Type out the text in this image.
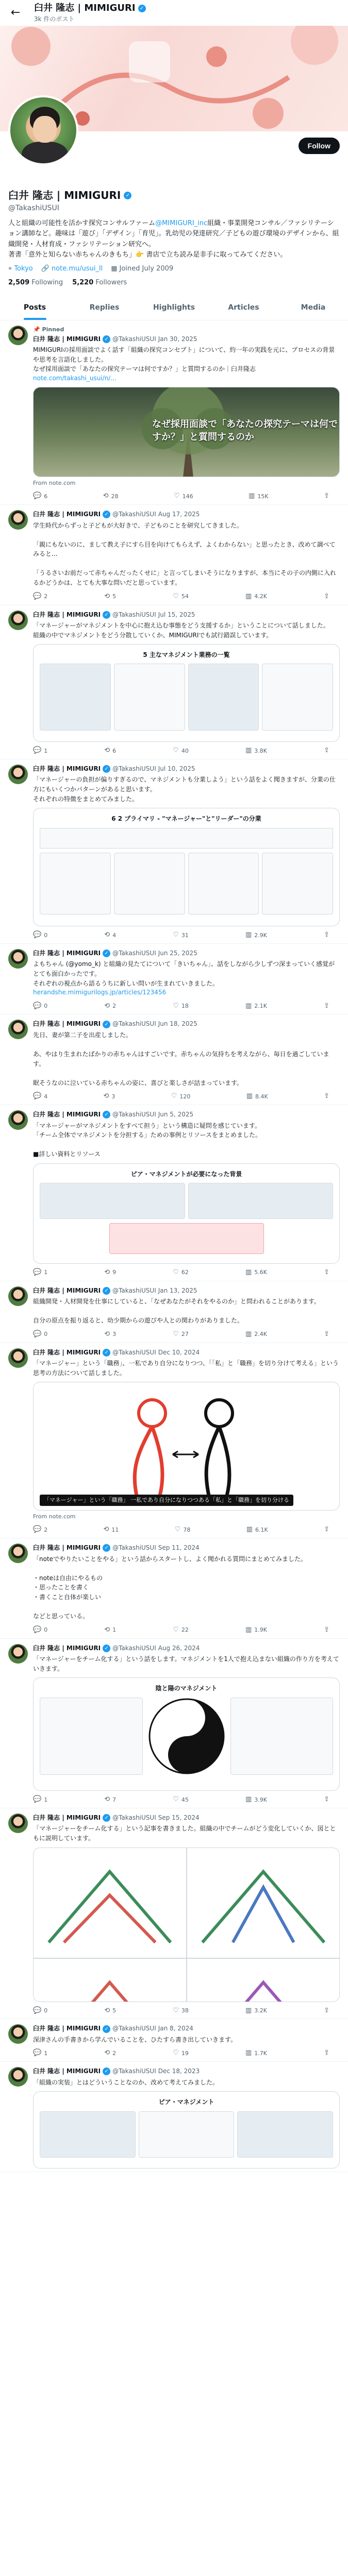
← 臼井 隆志 | MIMIGURI ✓
3k 件のポスト
Follow
臼井 隆志 | MIMIGURI ✓
@TakashiUSUI
人と組織の可能性を活かす探究コンサルファーム@MIMIGURI_inc組織・事業開発コンサル／ファシリテーション講師など。趣味は「遊び」「デザイン」「育児」。乳幼児の発達研究／子どもの遊び環境のデザインから、組織開発・人材育成・ファシリテーション研究へ。
著書「意外と知らない赤ちゃんのきもち」👉 書店で立ち読み是非手に取ってみてください。
⌖ Tokyo 🔗 note.mu/usui_ll ▦ Joined July 2009
2,509 Following 5,220 Followers
Posts	Replies	Highlights	Articles	Media
📌 Pinned
臼井 隆志 | MIMIGURI ✓ @TakashiUSUI Jan 30, 2025
MIMIGURIの採用面談でよく話す「組織の探究コンセプト」について、約一年の実践を元に、プロセスの背景や思考を言語化しました。
なぜ採用面談で「あなたの探究テーマは何ですか？」と質問するのか｜臼井隆志
note.com/takashi_usui/n/...
なぜ採用面談で「あなたの探究テーマは何ですか？」と質問するのか
From note.com
💬 6	⟲ 28	♡ 146	▥ 15K	⇪
臼井 隆志 | MIMIGURI ✓ @TakashiUSUI Aug 17, 2025
学生時代からずっと子どもが大好きで、子どものことを研究してきました。

「親にもないのに、まして教え子にすら目を向けてもらえず、よくわからない」と思ったとき、改めて調べてみると...

「うるさいお前だって赤ちゃんだったくせに」と言ってしまいそうになりますが、本当にその子の内側に入れるかどうかは、とても大事な問いだと思っています。
💬 2	⟲ 5	♡ 54	▥ 4.2K	⇪
臼井 隆志 | MIMIGURI ✓ @TakashiUSUI Jul 15, 2025
「マネージャーがマネジメントを中心に抱え込む事態をどう支援するか」ということについて話しました。
組織の中でマネジメントをどう分散していくか、MIMIGURIでも試行錯誤しています。
5 主なマネジメント業務の一覧
💬 1	⟲ 6	♡ 40	▥ 3.8K	⇪
臼井 隆志 | MIMIGURI ✓ @TakashiUSUI Jul 10, 2025
「マネージャーの負担が偏りすぎるので、マネジメントも分業しよう」という話をよく聞きますが、分業の仕方にもいくつかパターンがあると思います。
それぞれの特徴をまとめてみました。
6 2 プライマリ - "マネージャー"と"リーダー"の分業
💬 0	⟲ 4	♡ 31	▥ 2.9K	⇪
臼井 隆志 | MIMIGURI ✓ @TakashiUSUI Jun 25, 2025
よもちゃん (@yomo_k) と組織の見たてについて「きいちゃん」、話をしながら少しずつ深まっていく感覚がとても面白かったです。
それぞれの視点から語るうちに新しい問いが生まれていきました。
herandshe.mimigurilogs.jp/articles/123456
💬 0	⟲ 2	♡ 18	▥ 2.1K	⇪
臼井 隆志 | MIMIGURI ✓ @TakashiUSUI Jun 18, 2025
先日、妻が第二子を出産しました。

あ、やはり生まれたばかりの赤ちゃんはすごいです。赤ちゃんの気持ちを考えながら、毎日を過ごしています。

眠そうなのに泣いている赤ちゃんの姿に、喜びと楽しさが詰まっています。
💬 4	⟲ 3	♡ 120	▥ 8.4K	⇪
臼井 隆志 | MIMIGURI ✓ @TakashiUSUI Jun 5, 2025
「マネージャーがマネジメントをすべて担う」という構造に疑問を感じています。
「チーム全体でマネジメントを分担する」ための事例とリソースをまとめました。

■詳しい資料とリソース
ピア・マネジメントが必要になった背景
💬 1	⟲ 9	♡ 62	▥ 5.6K	⇪
臼井 隆志 | MIMIGURI ✓ @TakashiUSUI Jan 13, 2025
組織開発・人材開発を仕事にしていると、「なぜあなたがそれをやるのか」と問われることがあります。

自分の原点を振り返ると、幼少期からの遊びや人との関わりがありました。
💬 0	⟲ 3	♡ 27	▥ 2.4K	⇪
臼井 隆志 | MIMIGURI ✓ @TakashiUSUI Dec 10, 2024
「マネージャー」という「職務」、一私であり自分になりつつ、「「私」と「職務」を切り分けて考える」という思考の方法について話しました。
「マネージャー」という「職務」 一私であり自分になりつつある「私」と「職務」を切り分ける
From note.com
💬 2	⟲ 11	♡ 78	▥ 6.1K	⇪
臼井 隆志 | MIMIGURI ✓ @TakashiUSUI Sep 11, 2024
「noteでやりたいことをやる」という話からスタートし、よく聞かれる質問にまとめてみました。

・noteは自由にやるもの
・思ったことを書く
・書くこと自体が楽しい

などと思っている。
💬 0	⟲ 1	♡ 22	▥ 1.9K	⇪
臼井 隆志 | MIMIGURI ✓ @TakashiUSUI Aug 26, 2024
「マネージャーをチーム化する」という話をします。マネジメントを1人で抱え込まない組織の作り方を考えていきます。
陰と陽のマネジメント
💬 1	⟲ 7	♡ 45	▥ 3.9K	⇪
臼井 隆志 | MIMIGURI ✓ @TakashiUSUI Sep 15, 2024
「マネージャーをチーム化する」という記事を書きました。組織の中でチームがどう変化していくか、図とともに説明しています。
💬 0	⟲ 5	♡ 38	▥ 3.2K	⇪
臼井 隆志 | MIMIGURI ✓ @TakashiUSUI Jan 8, 2024
深津さんの手書きから学んでいることを、ひたすら書き出していきます。
💬 1	⟲ 2	♡ 19	▥ 1.7K	⇪
臼井 隆志 | MIMIGURI ✓ @TakashiUSUI Dec 18, 2023
「組織の実装」とはどういうことなのか、改めて考えてみました。
ピア・マネジメント
